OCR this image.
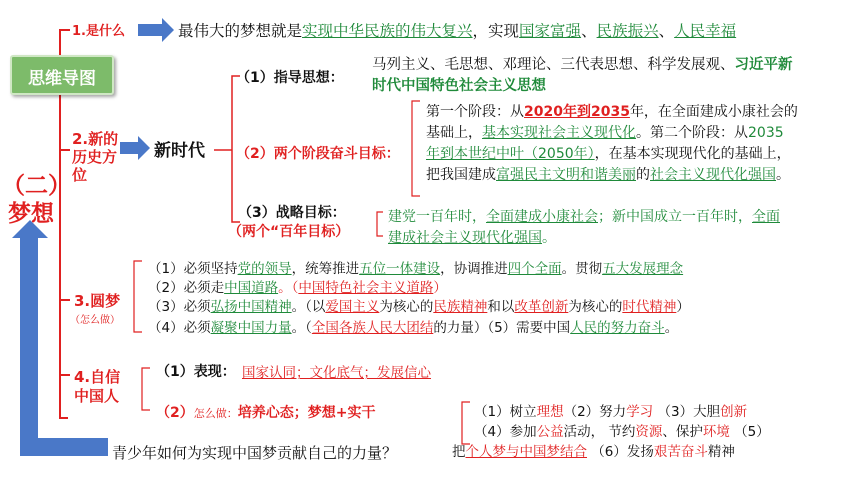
思维导图
（二）
梦想
1.是什么	最伟大的梦想就是实现中华民族的伟大复兴，实现国家富强、民族振兴、人民幸福
2.新的
历史方
位
新时代
（1）指导思想：
马列主义、毛思想、邓理论、三代表思想、科学发展观、习近平新
时代中国特色社会主义思想
（2）两个阶段奋斗目标：
第一个阶段：从2020年到2035年，在全面建成小康社会的
基础上，基本实现社会主义现代化。第二个阶段：从2035
年到本世纪中叶（2050年），在基本实现现代化的基础上，
把我国建成富强民主文明和谐美丽的社会主义现代化强国。
（3）战略目标：
（两个“百年目标）
建党一百年时，全面建成小康社会；新中国成立一百年时，全面
建成社会主义现代化强国。
3.圆梦
（怎么做）
（1）必须坚持党的领导，统筹推进五位一体建设，协调推进四个全面。贯彻五大发展理念
（2）必须走中国道路。（中国特色社会主义道路）
（3）必须弘扬中国精神。（以爱国主义为核心的民族精神和以改革创新为核心的时代精神）
（4）必须凝聚中国力量。（全国各族人民大团结的力量）（5）需要中国人民的努力奋斗。
4.自信
中国人
（1）表现： 国家认同；文化底气；发展信心
（2）怎么做：培养心态；梦想+实干	（1）树立理想（2）努力学习 （3）大胆创新
（4）参加公益活动， 节约资源、保护环境 （5）
把个人梦与中国梦结合 （6）发扬艰苦奋斗精神
青少年如何为实现中国梦贡献自己的力量？
